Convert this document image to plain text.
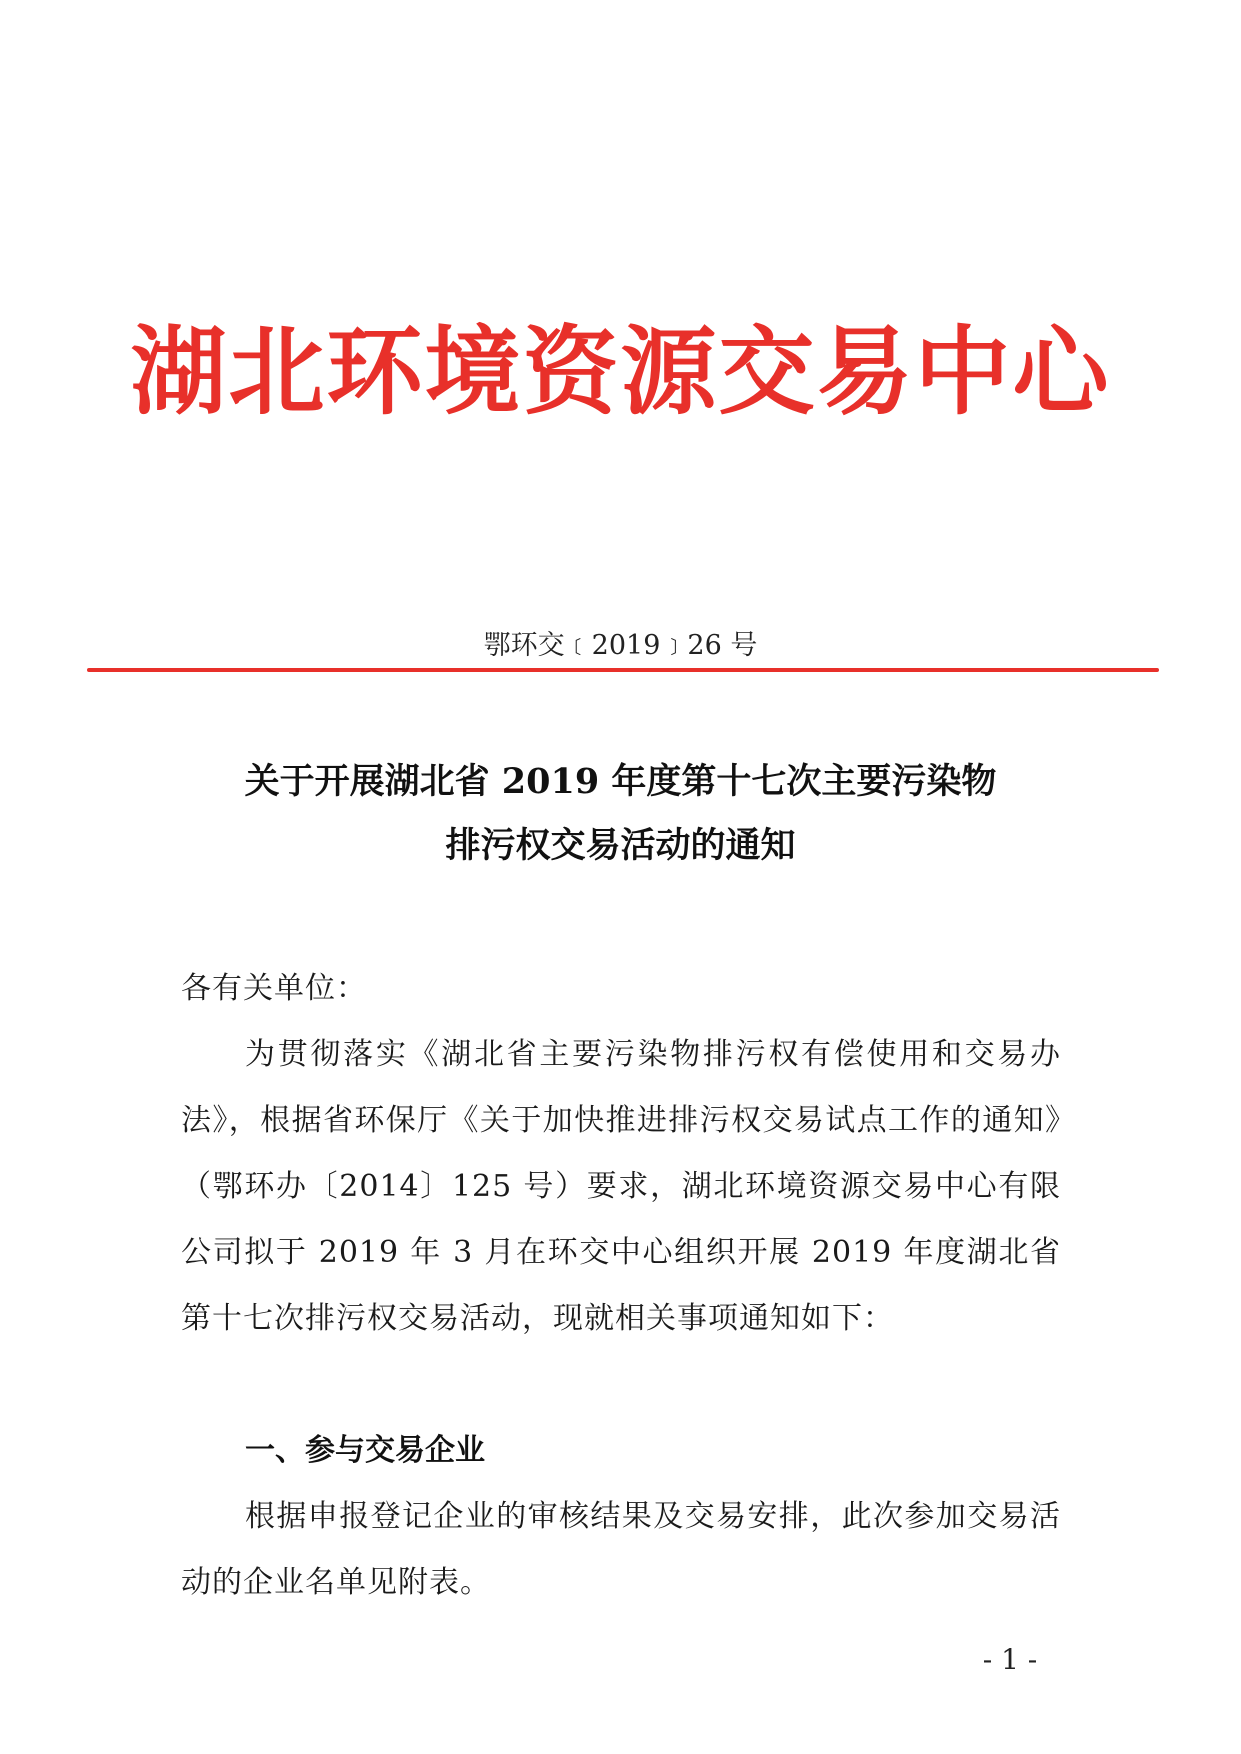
湖北环境资源交易中心
鄂环交﹝2019﹞26 号
关于开展湖北省 2019 年度第十七次主要污染物
排污权交易活动的通知
各有关单位：
为贯彻落实《湖北省主要污染物排污权有偿使用和交易办法》，根据省环保厅《关于加快推进排污权交易试点工作的通知》（鄂环办〔2014〕125 号）要求，湖北环境资源交易中心有限公司拟于 2019 年 3 月在环交中心组织开展 2019 年度湖北省第十七次排污权交易活动，现就相关事项通知如下：
一、参与交易企业
根据申报登记企业的审核结果及交易安排，此次参加交易活动的企业名单见附表。
- 1 -
